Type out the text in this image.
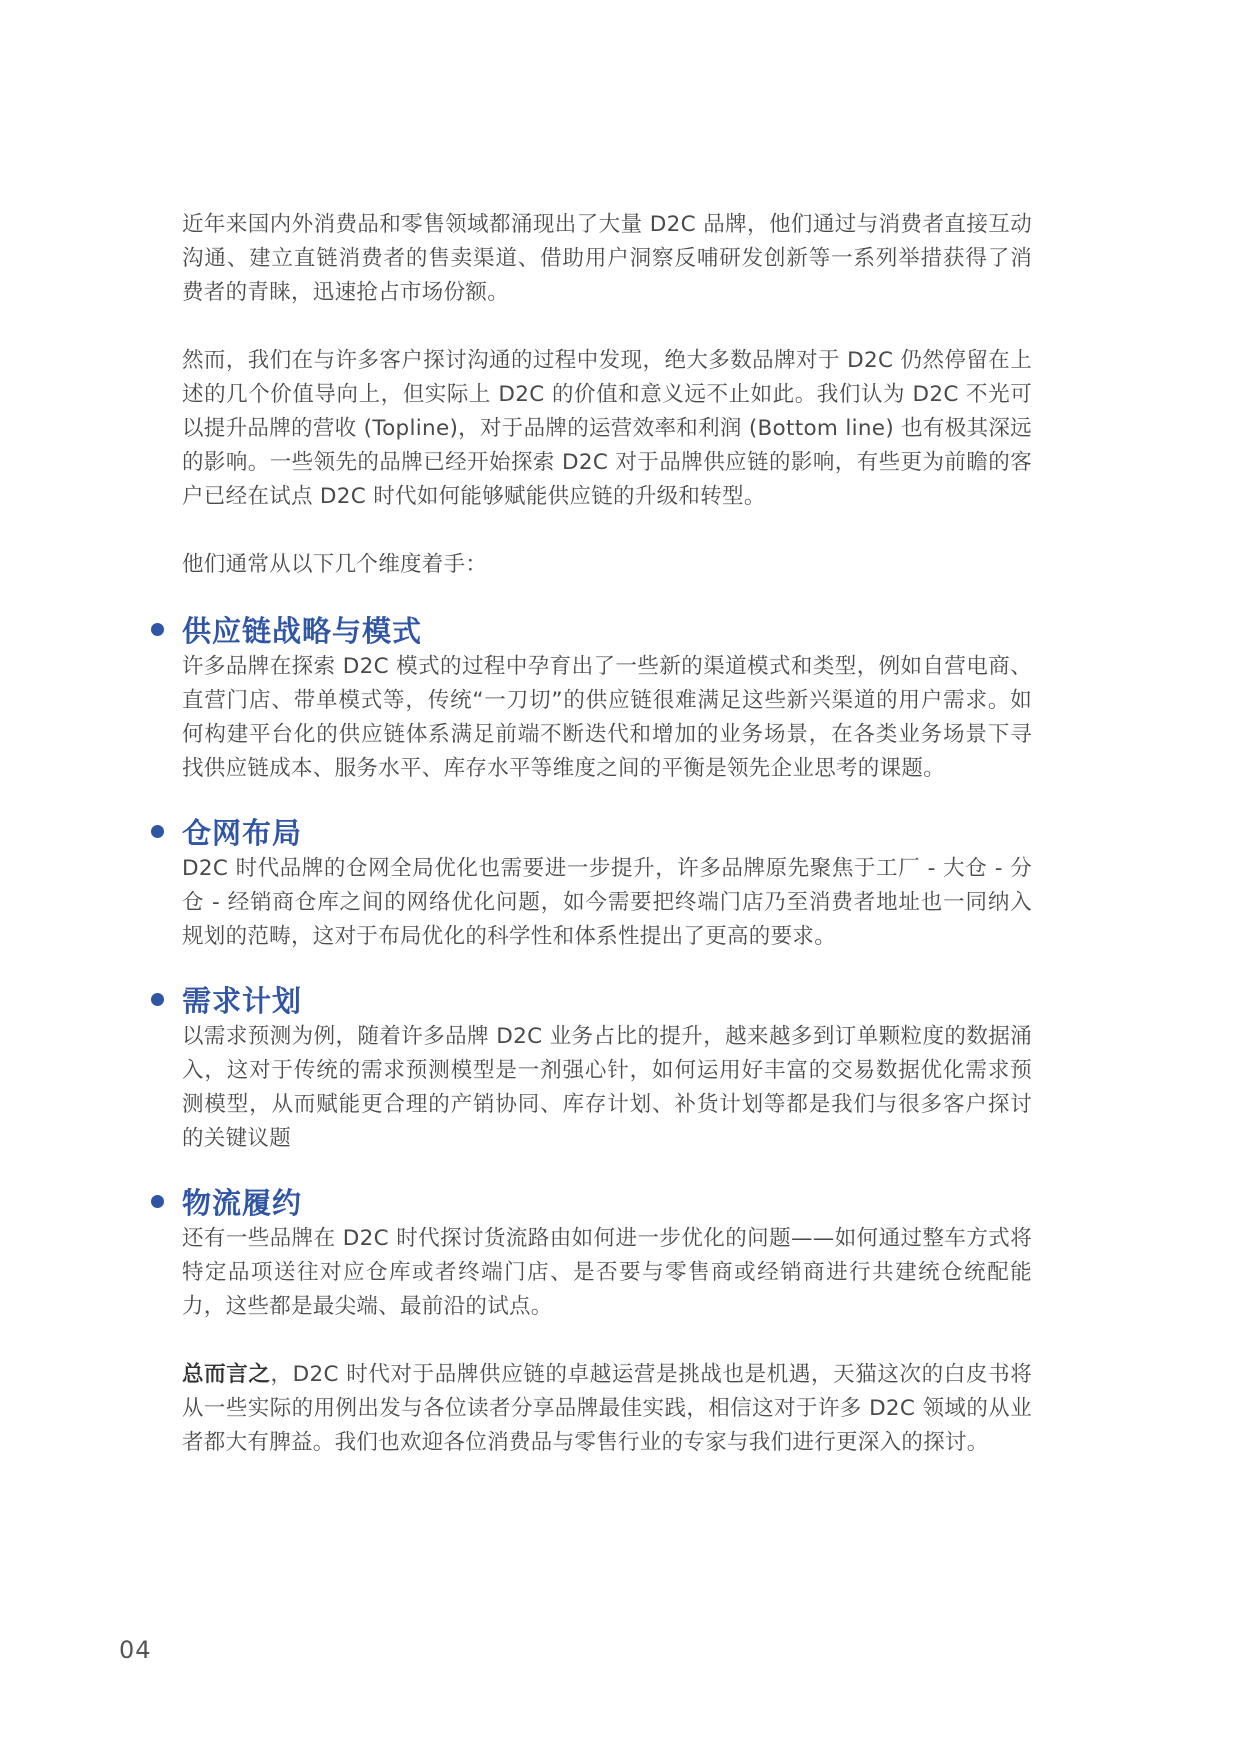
近年来国内外消费品和零售领域都涌现出了大量 D2C 品牌，他们通过与消费者直接互动沟通、建立直链消费者的售卖渠道、借助用户洞察反哺研发创新等一系列举措获得了消费者的青睐，迅速抢占市场份额。

然而，我们在与许多客户探讨沟通的过程中发现，绝大多数品牌对于 D2C 仍然停留在上述的几个价值导向上，但实际上 D2C 的价值和意义远不止如此。我们认为 D2C 不光可以提升品牌的营收 (Topline)，对于品牌的运营效率和利润 (Bottom line) 也有极其深远的影响。一些领先的品牌已经开始探索 D2C 对于品牌供应链的影响，有些更为前瞻的客户已经在试点 D2C 时代如何能够赋能供应链的升级和转型。

他们通常从以下几个维度着手：

供应链战略与模式

许多品牌在探索 D2C 模式的过程中孕育出了一些新的渠道模式和类型，例如自营电商、直营门店、带单模式等，传统“一刀切”的供应链很难满足这些新兴渠道的用户需求。如何构建平台化的供应链体系满足前端不断迭代和增加的业务场景，在各类业务场景下寻找供应链成本、服务水平、库存水平等维度之间的平衡是领先企业思考的课题。

仓网布局

D2C 时代品牌的仓网全局优化也需要进一步提升，许多品牌原先聚焦于工厂 - 大仓 - 分仓 - 经销商仓库之间的网络优化问题，如今需要把终端门店乃至消费者地址也一同纳入规划的范畴，这对于布局优化的科学性和体系性提出了更高的要求。

需求计划

以需求预测为例，随着许多品牌 D2C 业务占比的提升，越来越多到订单颗粒度的数据涌入，这对于传统的需求预测模型是一剂强心针，如何运用好丰富的交易数据优化需求预测模型，从而赋能更合理的产销协同、库存计划、补货计划等都是我们与很多客户探讨的关键议题

物流履约

还有一些品牌在 D2C 时代探讨货流路由如何进一步优化的问题——如何通过整车方式将特定品项送往对应仓库或者终端门店、是否要与零售商或经销商进行共建统仓统配能力，这些都是最尖端、最前沿的试点。

总而言之，D2C 时代对于品牌供应链的卓越运营是挑战也是机遇，天猫这次的白皮书将从一些实际的用例出发与各位读者分享品牌最佳实践，相信这对于许多 D2C 领域的从业者都大有脾益。我们也欢迎各位消费品与零售行业的专家与我们进行更深入的探讨。

04
